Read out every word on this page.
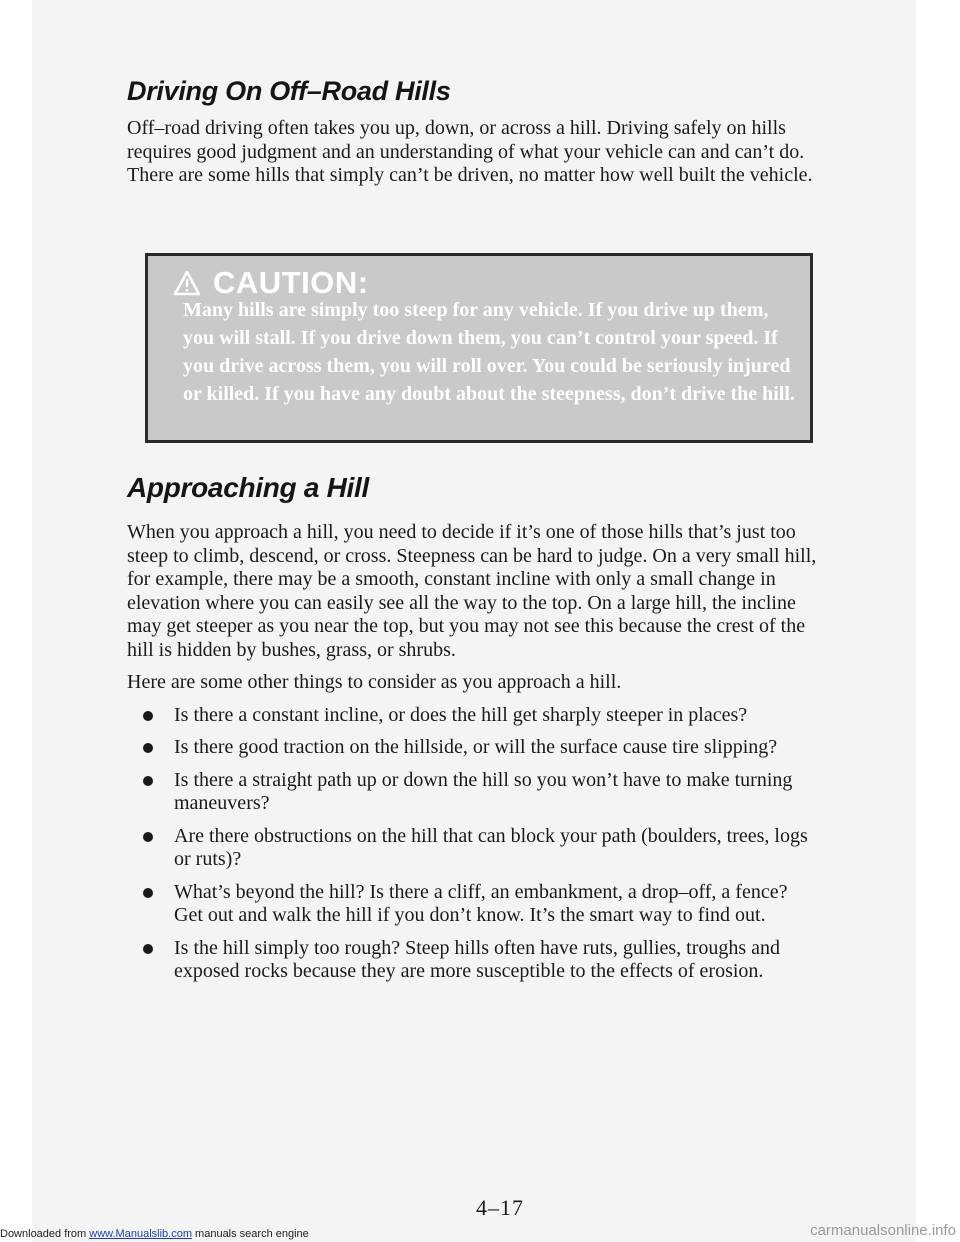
Driving On Off–Road Hills

Off–road driving often takes you up, down, or across a hill. Driving safely on hills requires good judgment and an understanding of what your vehicle can and can’t do. There are some hills that simply can’t be driven, no matter how well built the vehicle.

CAUTION:
Many hills are simply too steep for any vehicle. If you drive up them, you will stall. If you drive down them, you can’t control your speed. If you drive across them, you will roll over. You could be seriously injured or killed. If you have any doubt about the steepness, don’t drive the hill.
Approaching a Hill

When you approach a hill, you need to decide if it’s one of those hills that’s just too steep to climb, descend, or cross. Steepness can be hard to judge. On a very small hill, for example, there may be a smooth, constant incline with only a small change in elevation where you can easily see all the way to the top. On a large hill, the incline may get steeper as you near the top, but you may not see this because the crest of the hill is hidden by bushes, grass, or shrubs.

Here are some other things to consider as you approach a hill.

Is there a constant incline, or does the hill get sharply steeper in places?
Is there good traction on the hillside, or will the surface cause tire slipping?
Is there a straight path up or down the hill so you won’t have to make turning maneuvers?
Are there obstructions on the hill that can block your path (boulders, trees, logs or ruts)?
What’s beyond the hill? Is there a cliff, an embankment, a drop–off, a fence? Get out and walk the hill if you don’t know. It’s the smart way to find out.
Is the hill simply too rough? Steep hills often have ruts, gullies, troughs and exposed rocks because they are more susceptible to the effects of erosion.
4–17
Downloaded from www.Manualslib.com manuals search engine	carmanualsonline.info
